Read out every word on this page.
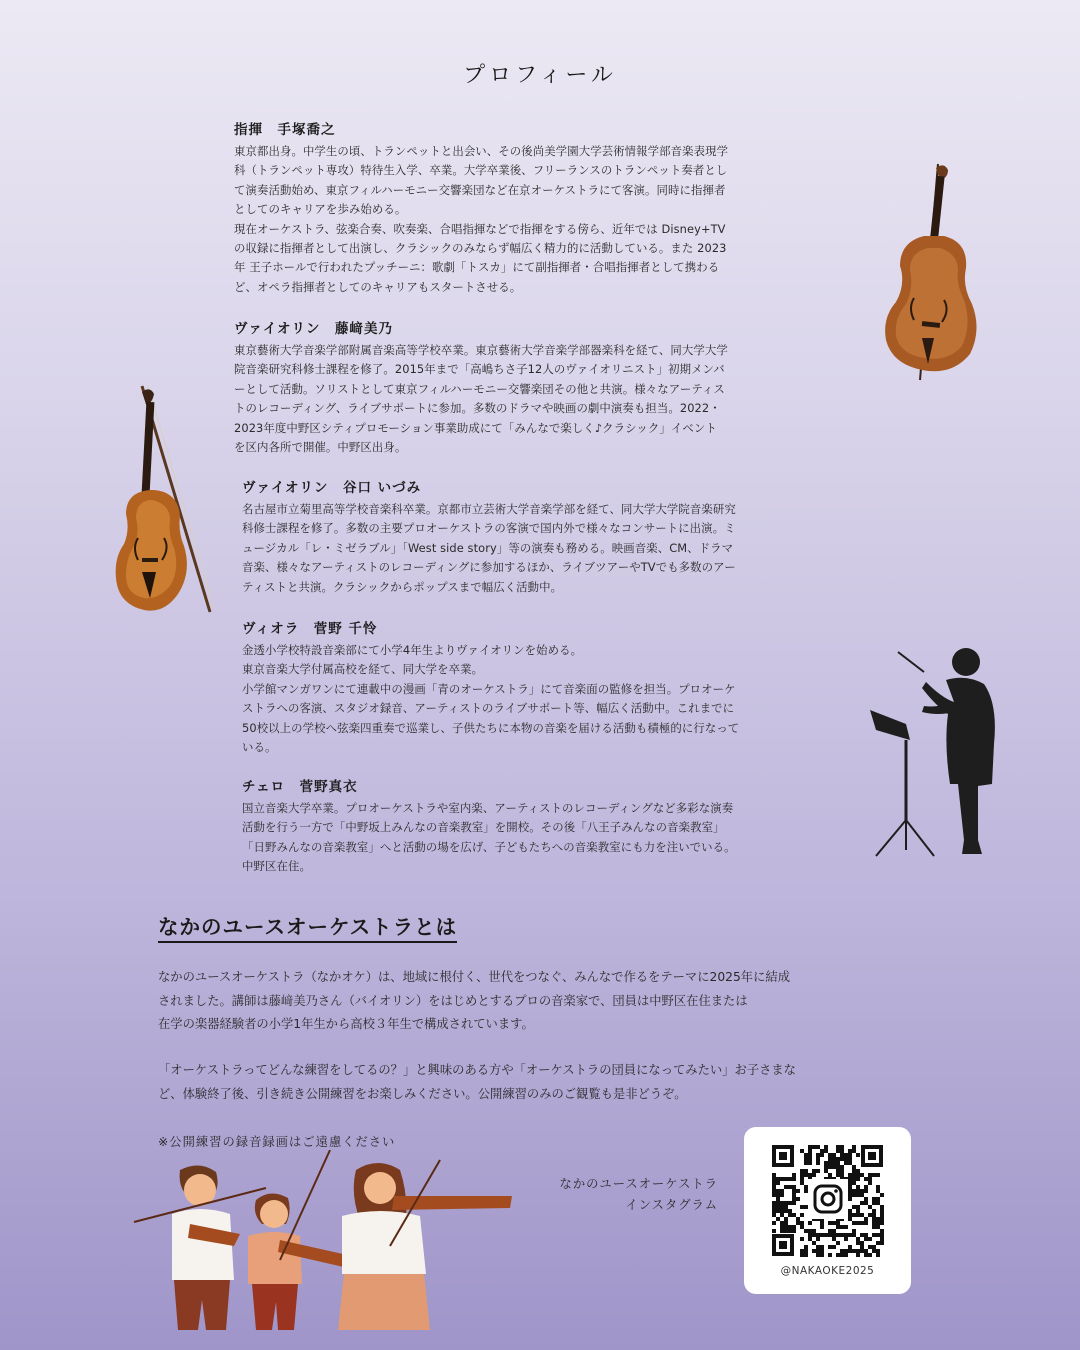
プロフィール
指揮　手塚喬之

東京都出身。中学生の頃、トランペットと出会い、その後尚美学園大学芸術情報学部音楽表現学
科（トランペット専攻）特待生入学、卒業。大学卒業後、フリーランスのトランペット奏者とし
て演奏活動始め、東京フィルハーモニー交響楽団など在京オーケストラにて客演。同時に指揮者
としてのキャリアを歩み始める。
現在オーケストラ、弦楽合奏、吹奏楽、合唱指揮などで指揮をする傍ら、近年では Disney+TV
の収録に指揮者として出演し、クラシックのみならず幅広く精力的に活動している。また 2023
年 王子ホールで行われたプッチーニ：歌劇「トスカ」にて副指揮者・合唱指揮者として携わる
ど、オペラ指揮者としてのキャリアもスタートさせる。

ヴァイオリン　藤﨑美乃

東京藝術大学音楽学部附属音楽高等学校卒業。東京藝術大学音楽学部器楽科を経て、同大学大学
院音楽研究科修士課程を修了。2015年まで「高嶋ちさ子12人のヴァイオリニスト」初期メンバ
ーとして活動。ソリストとして東京フィルハーモニー交響楽団その他と共演。様々なアーティス
トのレコーディング、ライブサポートに参加。多数のドラマや映画の劇中演奏も担当。2022・
2023年度中野区シティプロモーション事業助成にて「みんなで楽しく♪クラシック」イベント
を区内各所で開催。中野区出身。

ヴァイオリン　谷口 いづみ

名古屋市立菊里高等学校音楽科卒業。京都市立芸術大学音楽学部を経て、同大学大学院音楽研究
科修士課程を修了。多数の主要プロオーケストラの客演で国内外で様々なコンサートに出演。ミ
ュージカル「レ・ミゼラブル」「West side story」等の演奏も務める。映画音楽、CM、ドラマ
音楽、様々なアーティストのレコーディングに参加するほか、ライブツアーやTVでも多数のアー
ティストと共演。クラシックからポップスまで幅広く活動中。

ヴィオラ　菅野 千怜

金透小学校特設音楽部にて小学4年生よりヴァイオリンを始める。
東京音楽大学付属高校を経て、同大学を卒業。
小学館マンガワンにて連載中の漫画「青のオーケストラ」にて音楽面の監修を担当。プロオーケ
ストラへの客演、スタジオ録音、アーティストのライブサポート等、幅広く活動中。これまでに
50校以上の学校へ弦楽四重奏で巡業し、子供たちに本物の音楽を届ける活動も積極的に行なって
いる。

チェロ　菅野真衣

国立音楽大学卒業。プロオーケストラや室内楽、アーティストのレコーディングなど多彩な演奏
活動を行う一方で「中野坂上みんなの音楽教室」を開校。その後「八王子みんなの音楽教室」
「日野みんなの音楽教室」へと活動の場を広げ、子どもたちへの音楽教室にも力を注いでいる。
中野区在住。

なかのユースオーケストラとは
なかのユースオーケストラ（なかオケ）は、地域に根付く、世代をつなぐ、みんなで作るをテーマに2025年に結成
されました。講師は藤﨑美乃さん（バイオリン）をはじめとするプロの音楽家で、団員は中野区在住または
在学の楽器経験者の小学1年生から高校３年生で構成されています。
「オーケストラってどんな練習をしてるの？」と興味のある方や「オーケストラの団員になってみたい」お子さまな
ど、体験終了後、引き続き公開練習をお楽しみください。公開練習のみのご観覧も是非どうぞ。
※公開練習の録音録画はご遠慮ください
なかのユースオーケストラ
インスタグラム
@NAKAOKE2025
